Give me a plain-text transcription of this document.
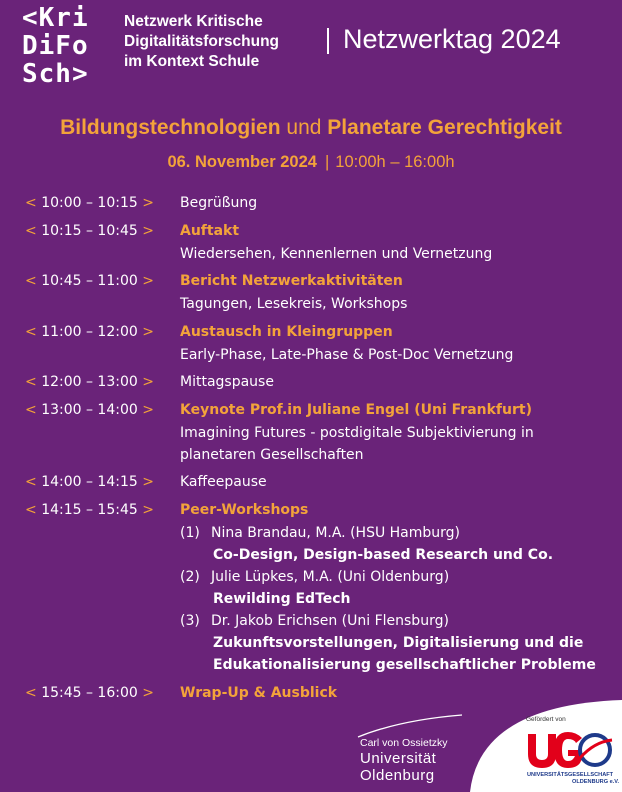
<Kri
DiFo
Sch>
Netzwerk Kritische
Digitalitätsforschung
im Kontext Schule
Netzwerktag 2024
Bildungstechnologien und Planetare Gerechtigkeit
06. November 2024 | 10:00h – 16:00h
< 10:00 – 10:15 > Begrüßung
< 10:15 – 10:45 > Auftakt
Wiedersehen, Kennenlernen und Vernetzung
< 10:45 – 11:00 > Bericht Netzwerkaktivitäten
Tagungen, Lesekreis, Workshops
< 11:00 – 12:00 > Austausch in Kleingruppen
Early-Phase, Late-Phase & Post-Doc Vernetzung
< 12:00 – 13:00 > Mittagspause
< 13:00 – 14:00 > Keynote Prof.in Juliane Engel (Uni Frankfurt)
Imagining Futures - postdigitale Subjektivierung in
planetaren Gesellschaften
< 14:00 – 14:15 > Kaffeepause
< 14:15 – 15:45 > Peer-Workshops
(1) Nina Brandau, M.A. (HSU Hamburg)
Co-Design, Design-based Research und Co.
(2) Julie Lüpkes, M.A. (Uni Oldenburg)
Rewilding EdTech
(3) Dr. Jakob Erichsen (Uni Flensburg)
Zukunftsvorstellungen, Digitalisierung und die
Edukationalisierung gesellschaftlicher Probleme
< 15:45 – 16:00 > Wrap-Up & Ausblick
Carl von Ossietzky
Universität
Oldenburg
Gefördert von
UNIVERSITÄTSGESELLSCHAFT
OLDENBURG e.V.
